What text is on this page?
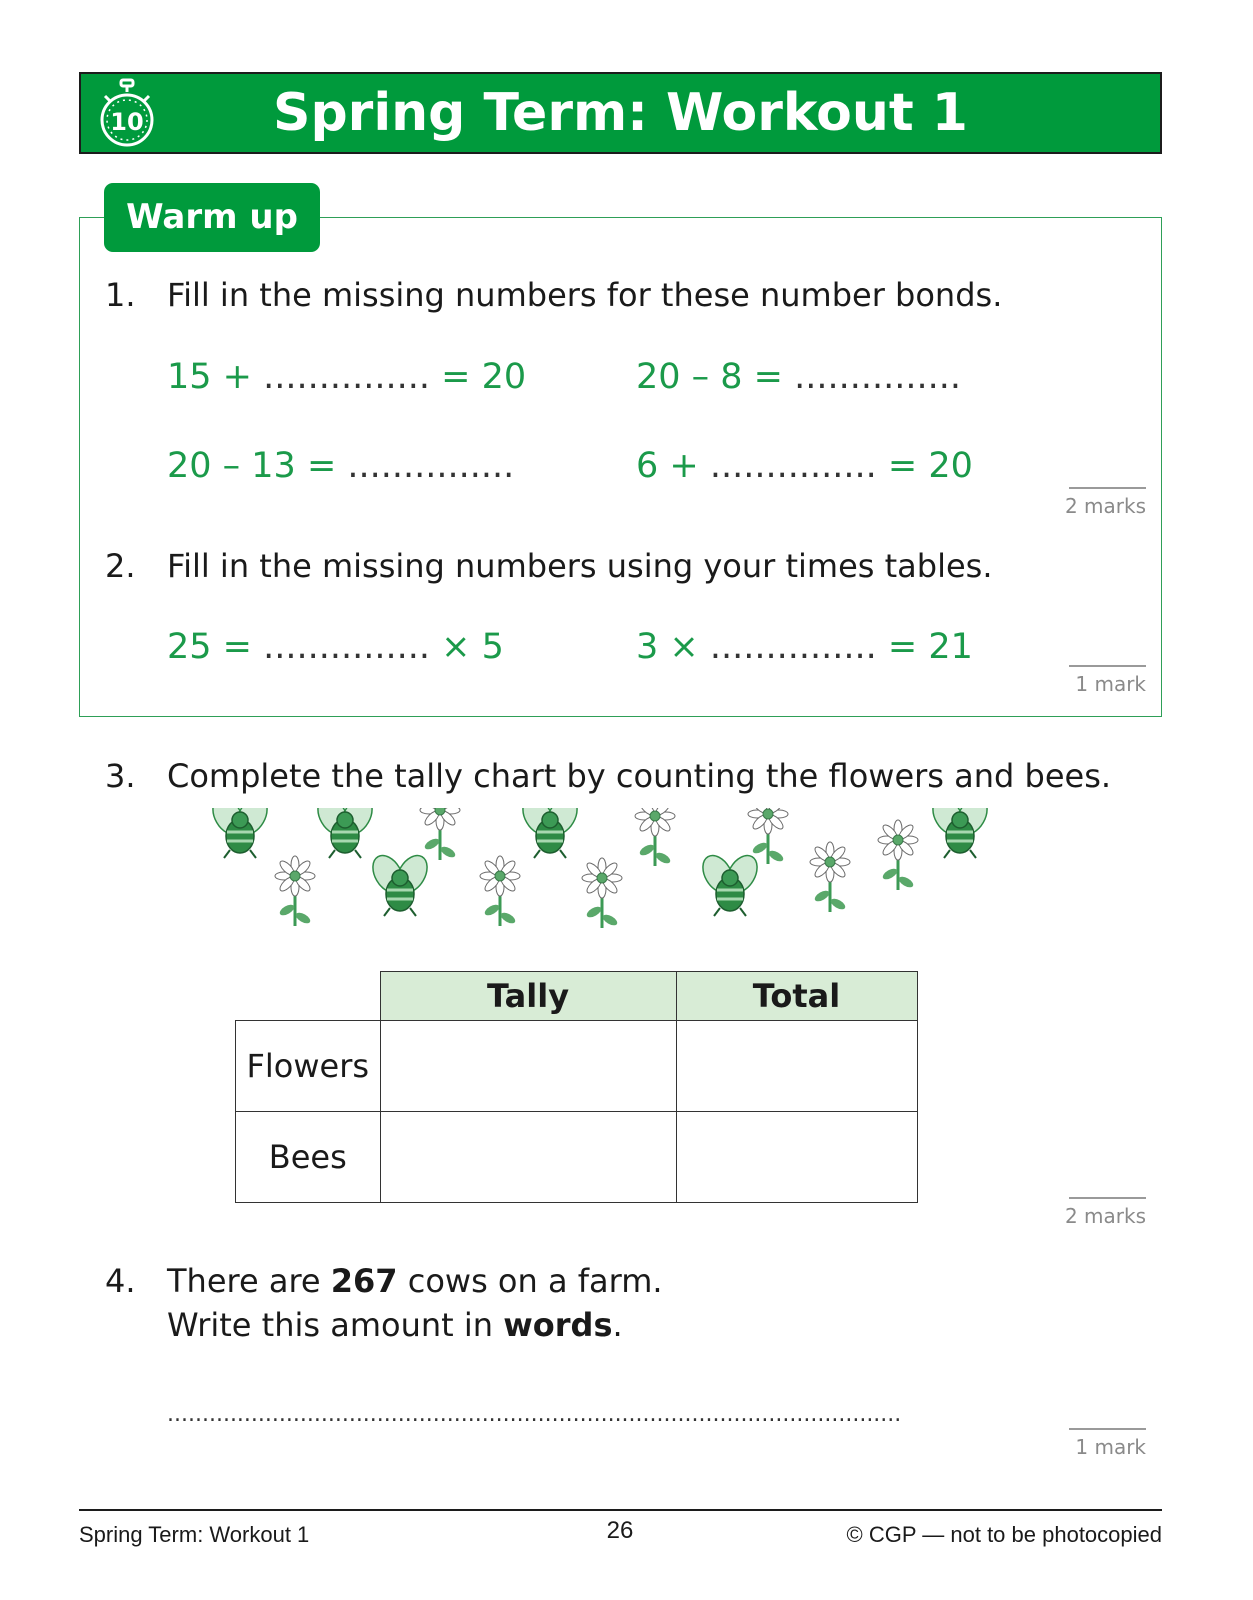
10	Spring Term: Workout 1
Warm up
1. Fill in the missing numbers for these number bonds.
15 + ............... = 20	20 – 8 = ...............
20 – 13 = ...............	6 + ............... = 20
2 marks
2. Fill in the missing numbers using your times tables.
25 = ............... × 5	3 × ............... = 21
1 mark
3. Complete the tally chart by counting the flowers and bees.
	Tally	Total
Flowers		
Bees		
2 marks
4. There are 267 cows on a farm.
Write this amount in words.
.........................................................................................................
1 mark
Spring Term: Workout 1	26	© CGP — not to be photocopied
